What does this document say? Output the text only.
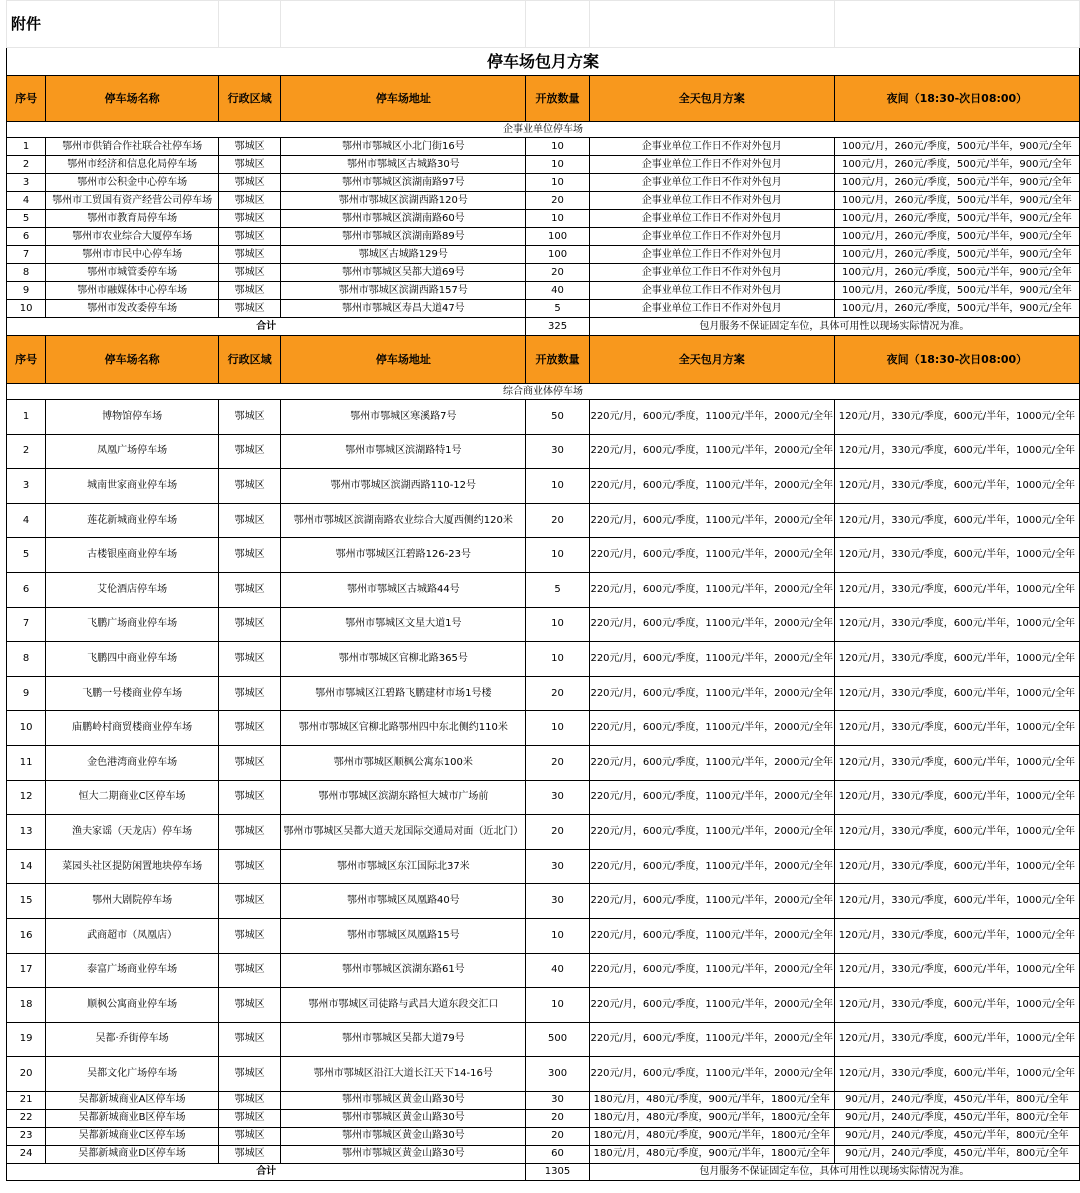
附件						
停车场包月方案						
序号	停车场名称	行政区域	停车场地址	开放数量	全天包月方案	夜间（18:30-次日08:00）
企事业单位停车场						
1	鄂州市供销合作社联合社停车场	鄂城区	鄂州市鄂城区小北门街16号	10	企事业单位工作日不作对外包月	100元/月，260元/季度，500元/半年，900元/全年
2	鄂州市经济和信息化局停车场	鄂城区	鄂州市鄂城区古城路30号	10	企事业单位工作日不作对外包月	100元/月，260元/季度，500元/半年，900元/全年
3	鄂州市公积金中心停车场	鄂城区	鄂州市鄂城区滨湖南路97号	10	企事业单位工作日不作对外包月	100元/月，260元/季度，500元/半年，900元/全年
4	鄂州市工贸国有资产经营公司停车场	鄂城区	鄂州市鄂城区滨湖西路120号	20	企事业单位工作日不作对外包月	100元/月，260元/季度，500元/半年，900元/全年
5	鄂州市教育局停车场	鄂城区	鄂州市鄂城区滨湖南路60号	10	企事业单位工作日不作对外包月	100元/月，260元/季度，500元/半年，900元/全年
6	鄂州市农业综合大厦停车场	鄂城区	鄂州市鄂城区滨湖南路89号	100	企事业单位工作日不作对外包月	100元/月，260元/季度，500元/半年，900元/全年
7	鄂州市市民中心停车场	鄂城区	鄂城区古城路129号	100	企事业单位工作日不作对外包月	100元/月，260元/季度，500元/半年，900元/全年
8	鄂州市城管委停车场	鄂城区	鄂州市鄂城区吴都大道69号	20	企事业单位工作日不作对外包月	100元/月，260元/季度，500元/半年，900元/全年
9	鄂州市融媒体中心停车场	鄂城区	鄂州市鄂城区滨湖西路157号	40	企事业单位工作日不作对外包月	100元/月，260元/季度，500元/半年，900元/全年
10	鄂州市发改委停车场	鄂城区	鄂州市鄂城区寿昌大道47号	5	企事业单位工作日不作对外包月	100元/月，260元/季度，500元/半年，900元/全年
合计				325	包月服务不保证固定车位，具体可用性以现场实际情况为准。	
序号	停车场名称	行政区域	停车场地址	开放数量	全天包月方案	夜间（18:30-次日08:00）
综合商业体停车场						
1	博物馆停车场	鄂城区	鄂州市鄂城区寒溪路7号	50	220元/月，600元/季度，1100元/半年，2000元/全年	120元/月，330元/季度，600元/半年，1000元/全年
2	凤凰广场停车场	鄂城区	鄂州市鄂城区滨湖路特1号	30	220元/月，600元/季度，1100元/半年，2000元/全年	120元/月，330元/季度，600元/半年，1000元/全年
3	城南世家商业停车场	鄂城区	鄂州市鄂城区滨湖西路110-12号	10	220元/月，600元/季度，1100元/半年，2000元/全年	120元/月，330元/季度，600元/半年，1000元/全年
4	莲花新城商业停车场	鄂城区	鄂州市鄂城区滨湖南路农业综合大厦西侧约120米	20	220元/月，600元/季度，1100元/半年，2000元/全年	120元/月，330元/季度，600元/半年，1000元/全年
5	古楼银座商业停车场	鄂城区	鄂州市鄂城区江碧路126-23号	10	220元/月，600元/季度，1100元/半年，2000元/全年	120元/月，330元/季度，600元/半年，1000元/全年
6	艾伦酒店停车场	鄂城区	鄂州市鄂城区古城路44号	5	220元/月，600元/季度，1100元/半年，2000元/全年	120元/月，330元/季度，600元/半年，1000元/全年
7	飞鹏广场商业停车场	鄂城区	鄂州市鄂城区文星大道1号	10	220元/月，600元/季度，1100元/半年，2000元/全年	120元/月，330元/季度，600元/半年，1000元/全年
8	飞鹏四中商业停车场	鄂城区	鄂州市鄂城区官柳北路365号	10	220元/月，600元/季度，1100元/半年，2000元/全年	120元/月，330元/季度，600元/半年，1000元/全年
9	飞鹏一号楼商业停车场	鄂城区	鄂州市鄂城区江碧路飞鹏建材市场1号楼	20	220元/月，600元/季度，1100元/半年，2000元/全年	120元/月，330元/季度，600元/半年，1000元/全年
10	庙鹏岭村商贸楼商业停车场	鄂城区	鄂州市鄂城区官柳北路鄂州四中东北侧约110米	10	220元/月，600元/季度，1100元/半年，2000元/全年	120元/月，330元/季度，600元/半年，1000元/全年
11	金色港湾商业停车场	鄂城区	鄂州市鄂城区顺枫公寓东100米	20	220元/月，600元/季度，1100元/半年，2000元/全年	120元/月，330元/季度，600元/半年，1000元/全年
12	恒大二期商业C区停车场	鄂城区	鄂州市鄂城区滨湖东路恒大城市广场前	30	220元/月，600元/季度，1100元/半年，2000元/全年	120元/月，330元/季度，600元/半年，1000元/全年
13	渔夫家谣（天龙店）停车场	鄂城区	鄂州市鄂城区吴都大道天龙国际交通局对面（近北门）	20	220元/月，600元/季度，1100元/半年，2000元/全年	120元/月，330元/季度，600元/半年，1000元/全年
14	菜园头社区提防闲置地块停车场	鄂城区	鄂州市鄂城区东江国际北37米	30	220元/月，600元/季度，1100元/半年，2000元/全年	120元/月，330元/季度，600元/半年，1000元/全年
15	鄂州大剧院停车场	鄂城区	鄂州市鄂城区凤凰路40号	30	220元/月，600元/季度，1100元/半年，2000元/全年	120元/月，330元/季度，600元/半年，1000元/全年
16	武商超市（凤凰店）	鄂城区	鄂州市鄂城区凤凰路15号	10	220元/月，600元/季度，1100元/半年，2000元/全年	120元/月，330元/季度，600元/半年，1000元/全年
17	泰富广场商业停车场	鄂城区	鄂州市鄂城区滨湖东路61号	40	220元/月，600元/季度，1100元/半年，2000元/全年	120元/月，330元/季度，600元/半年，1000元/全年
18	顺枫公寓商业停车场	鄂城区	鄂州市鄂城区司徒路与武昌大道东段交汇口	10	220元/月，600元/季度，1100元/半年，2000元/全年	120元/月，330元/季度，600元/半年，1000元/全年
19	吴都·乔街停车场	鄂城区	鄂州市鄂城区吴都大道79号	500	220元/月，600元/季度，1100元/半年，2000元/全年	120元/月，330元/季度，600元/半年，1000元/全年
20	吴都文化广场停车场	鄂城区	鄂州市鄂城区沿江大道长江天下14-16号	300	220元/月，600元/季度，1100元/半年，2000元/全年	120元/月，330元/季度，600元/半年，1000元/全年
21	吴都新城商业A区停车场	鄂城区	鄂州市鄂城区黄金山路30号	30	180元/月，480元/季度，900元/半年，1800元/全年	90元/月，240元/季度，450元/半年，800元/全年
22	吴都新城商业B区停车场	鄂城区	鄂州市鄂城区黄金山路30号	20	180元/月，480元/季度，900元/半年，1800元/全年	90元/月，240元/季度，450元/半年，800元/全年
23	吴都新城商业C区停车场	鄂城区	鄂州市鄂城区黄金山路30号	20	180元/月，480元/季度，900元/半年，1800元/全年	90元/月，240元/季度，450元/半年，800元/全年
24	吴都新城商业D区停车场	鄂城区	鄂州市鄂城区黄金山路30号	60	180元/月，480元/季度，900元/半年，1800元/全年	90元/月，240元/季度，450元/半年，800元/全年
合计				1305	包月服务不保证固定车位，具体可用性以现场实际情况为准。	
